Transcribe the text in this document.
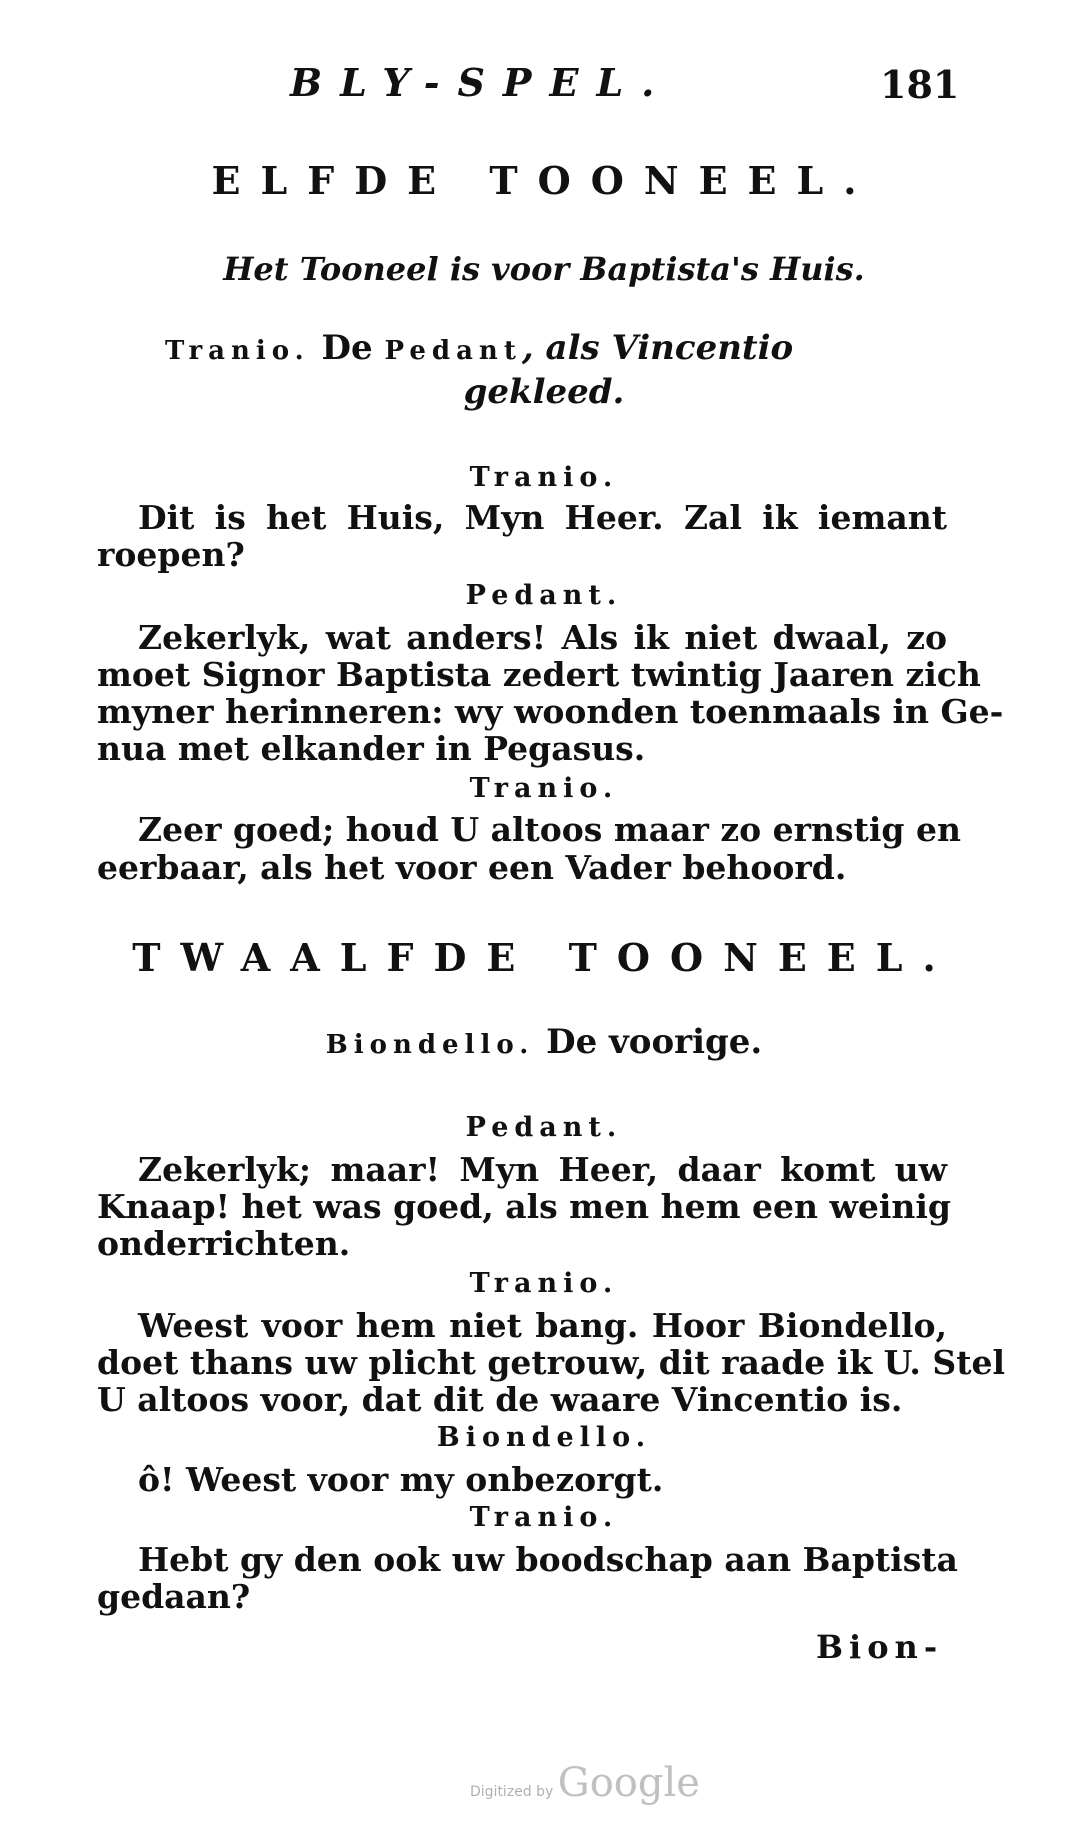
BLY-SPEL.	181
ELFDE TOONEEL.
Het Tooneel is voor Baptista's Huis.
Tranio. De Pedant, als Vincentio
gekleed.
Tranio.
Dit is het Huis, Myn Heer. Zal ik iemant
roepen?
Pedant.
Zekerlyk, wat anders! Als ik niet dwaal, zo
moet Signor Baptista zedert twintig Jaaren zich
myner herinneren: wy woonden toenmaals in Ge-
nua met elkander in Pegasus.
Tranio.
Zeer goed; houd U altoos maar zo ernstig en
eerbaar, als het voor een Vader behoord.
TWAALFDE TOONEEL.
Biondello. De voorige.
Pedant.
Zekerlyk; maar! Myn Heer, daar komt uw
Knaap! het was goed, als men hem een weinig
onderrichten.
Tranio.
Weest voor hem niet bang. Hoor Biondello,
doet thans uw plicht getrouw, dit raade ik U. Stel
U altoos voor, dat dit de waare Vincentio is.
Biondello.
ô! Weest voor my onbezorgt.
Tranio.
Hebt gy den ook uw boodschap aan Baptista
gedaan?
Bion-
Digitized by Google
